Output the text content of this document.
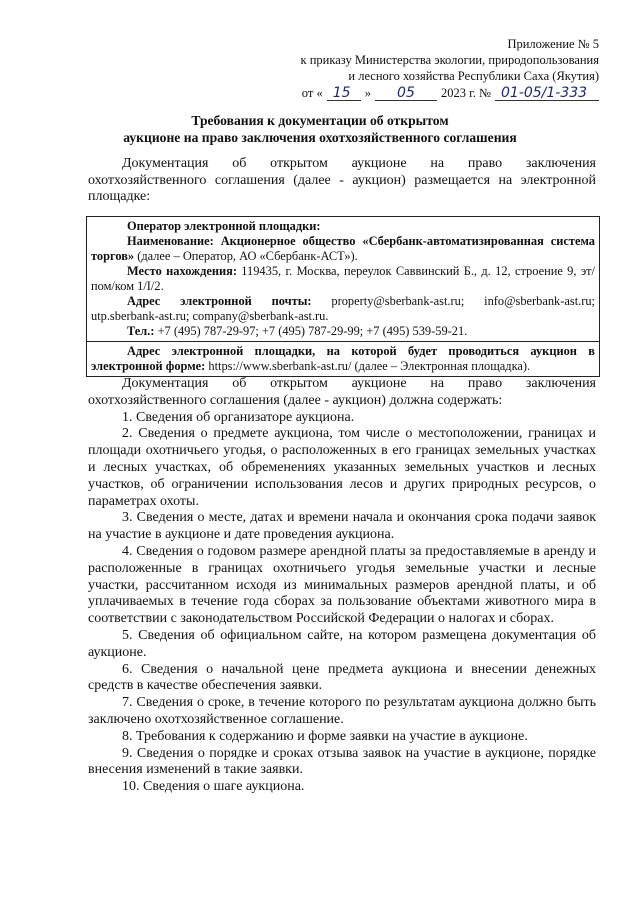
Приложение № 5
к приказу Министерства экологии, природопользования
и лесного хозяйства Республики Саха (Якутия)
от « 15	»	05	2023 г. № 01-05/1-333
Требования к документации об открытом
аукционе на право заключения охотхозяйственного соглашения

Документация об открытом аукционе на право заключения охотхозяйственного соглашения (далее - аукцион) размещается на электронной площадке:

Оператор электронной площадки:
Наименование: Акционерное общество «Сбербанк-автоматизированная система торгов» (далее – Оператор, АО «Сбербанк-АСТ»).
Место нахождения: 119435, г. Москва, переулок Саввинский Б., д. 12, строение 9, эт/пом/ком 1/I/2.
Адрес электронной почты: property@sberbank-ast.ru; info@sberbank-ast.ru; utp.sberbank-ast.ru; company@sberbank-ast.ru.
Тел.: +7 (495) 787-29-97; +7 (495) 787-29-99; +7 (495) 539-59-21.
Адрес электронной площадки, на которой будет проводиться аукцион в электронной форме: https://www.sberbank-ast.ru/ (далее – Электронная площадка).

Документация об открытом аукционе на право заключения охотхозяйственного соглашения (далее - аукцион) должна содержать:

1. Сведения об организаторе аукциона.

2. Сведения о предмете аукциона, том числе о местоположении, границах и площади охотничьего угодья, о расположенных в его границах земельных участках и лесных участках, об обременениях указанных земельных участков и лесных участков, об ограничении использования лесов и других природных ресурсов, о параметрах охоты.

3. Сведения о месте, датах и времени начала и окончания срока подачи заявок на участие в аукционе и дате проведения аукциона.

4. Сведения о годовом размере арендной платы за предоставляемые в аренду и расположенные в границах охотничьего угодья земельные участки и лесные участки, рассчитанном исходя из минимальных размеров арендной платы, и об уплачиваемых в течение года сборах за пользование объектами животного мира в соответствии с законодательством Российской Федерации о налогах и сборах.

5. Сведения об официальном сайте, на котором размещена документация об аукционе.

6. Сведения о начальной цене предмета аукциона и внесении денежных средств в качестве обеспечения заявки.

7. Сведения о сроке, в течение которого по результатам аукциона должно быть заключено охотхозяйственное соглашение.

8. Требования к содержанию и форме заявки на участие в аукционе.

9. Сведения о порядке и сроках отзыва заявок на участие в аукционе, порядке внесения изменений в такие заявки.

10. Сведения о шаге аукциона.
